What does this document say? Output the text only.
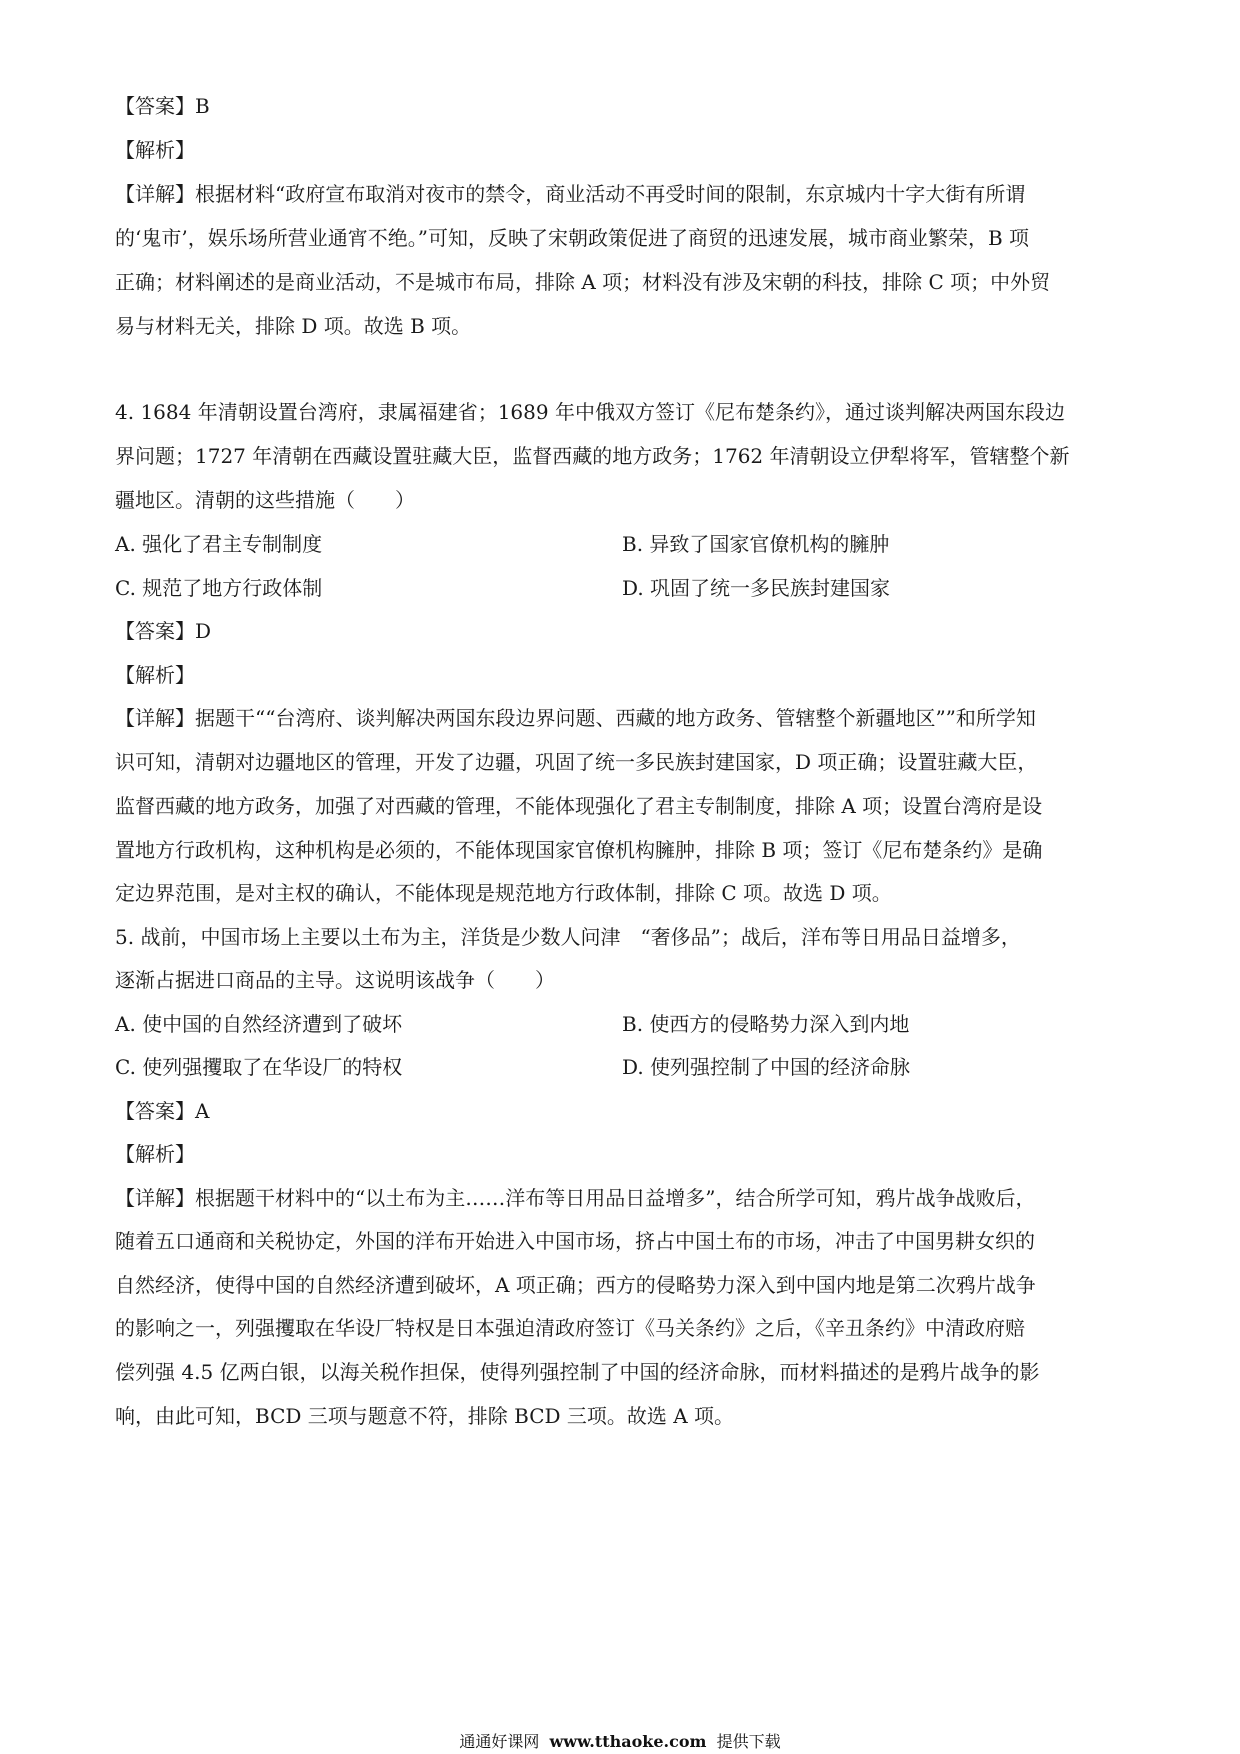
【答案】B
【解析】
【详解】根据材料“政府宣布取消对夜市的禁令，商业活动不再受时间的限制，东京城内十字大街有所谓
的‘鬼市’，娱乐场所营业通宵不绝。”可知，反映了宋朝政策促进了商贸的迅速发展，城市商业繁荣，B 项
正确；材料阐述的是商业活动，不是城市布局，排除 A 项；材料没有涉及宋朝的科技，排除 C 项；中外贸
易与材料无关，排除 D 项。故选 B 项。
4. 1684 年清朝设置台湾府，隶属福建省；1689 年中俄双方签订《尼布楚条约》，通过谈判解决两国东段边
界问题；1727 年清朝在西藏设置驻藏大臣，监督西藏的地方政务；1762 年清朝设立伊犁将军，管辖整个新
疆地区。清朝的这些措施（　　）
A. 强化了君主专制制度	B. 异致了国家官僚机构的臃肿
C. 规范了地方行政体制	D. 巩固了统一多民族封建国家
【答案】D
【解析】
【详解】据题干““台湾府、谈判解决两国东段边界问题、西藏的地方政务、管辖整个新疆地区””和所学知
识可知，清朝对边疆地区的管理，开发了边疆，巩固了统一多民族封建国家，D 项正确；设置驻藏大臣，
监督西藏的地方政务，加强了对西藏的管理，不能体现强化了君主专制制度，排除 A 项；设置台湾府是设
置地方行政机构，这种机构是必须的，不能体现国家官僚机构臃肿，排除 B 项；签订《尼布楚条约》是确
定边界范围，是对主权的确认，不能体现是规范地方行政体制，排除 C 项。故选 D 项。
5. 战前，中国市场上主要以土布为主，洋货是少数人问津　“奢侈品”；战后，洋布等日用品日益增多，
逐渐占据进口商品的主导。这说明该战争（　　）
A. 使中国的自然经济遭到了破坏	B. 使西方的侵略势力深入到内地
C. 使列强攫取了在华设厂的特权	D. 使列强控制了中国的经济命脉
【答案】A
【解析】
【详解】根据题干材料中的“以土布为主……洋布等日用品日益增多”，结合所学可知，鸦片战争战败后，
随着五口通商和关税协定，外国的洋布开始进入中国市场，挤占中国土布的市场，冲击了中国男耕女织的
自然经济，使得中国的自然经济遭到破坏，A 项正确；西方的侵略势力深入到中国内地是第二次鸦片战争
的影响之一，列强攫取在华设厂特权是日本强迫清政府签订《马关条约》之后，《辛丑条约》中清政府赔
偿列强 4.5 亿两白银，以海关税作担保，使得列强控制了中国的经济命脉，而材料描述的是鸦片战争的影
响，由此可知，BCD 三项与题意不符，排除 BCD 三项。故选 A 项。
通通好课网 www.tthaoke.com 提供下载
